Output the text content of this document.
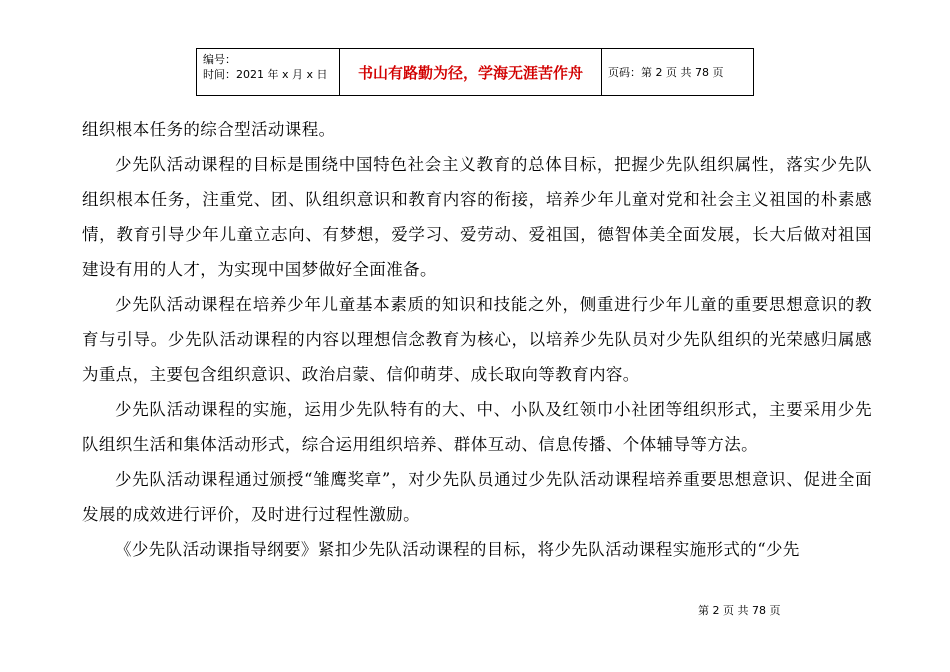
编号：
时间：2021 年 x 月 x 日	书山有路勤为径，学海无涯苦作舟 页码：第 2 页 共 78 页

组织根本任务的综合型活动课程。

少先队活动课程的目标是围绕中国特色社会主义教育的总体目标，把握少先队组织属性，落实少先队组织根本任务，注重党、团、队组织意识和教育内容的衔接，培养少年儿童对党和社会主义祖国的朴素感情，教育引导少年儿童立志向、有梦想，爱学习、爱劳动、爱祖国，德智体美全面发展，长大后做对祖国建设有用的人才，为实现中国梦做好全面准备。

少先队活动课程在培养少年儿童基本素质的知识和技能之外，侧重进行少年儿童的重要思想意识的教育与引导。少先队活动课程的内容以理想信念教育为核心，以培养少先队员对少先队组织的光荣感归属感为重点，主要包含组织意识、政治启蒙、信仰萌芽、成长取向等教育内容。

少先队活动课程的实施，运用少先队特有的大、中、小队及红领巾小社团等组织形式，主要采用少先队组织生活和集体活动形式，综合运用组织培养、群体互动、信息传播、个体辅导等方法。

少先队活动课程通过颁授“雏鹰奖章”，对少先队员通过少先队活动课程培养重要思想意识、促进全面发展的成效进行评价，及时进行过程性激励。

《少先队活动课指导纲要》紧扣少先队活动课程的目标，将少先队活动课程实施形式的“少先

第 2 页 共 78 页
